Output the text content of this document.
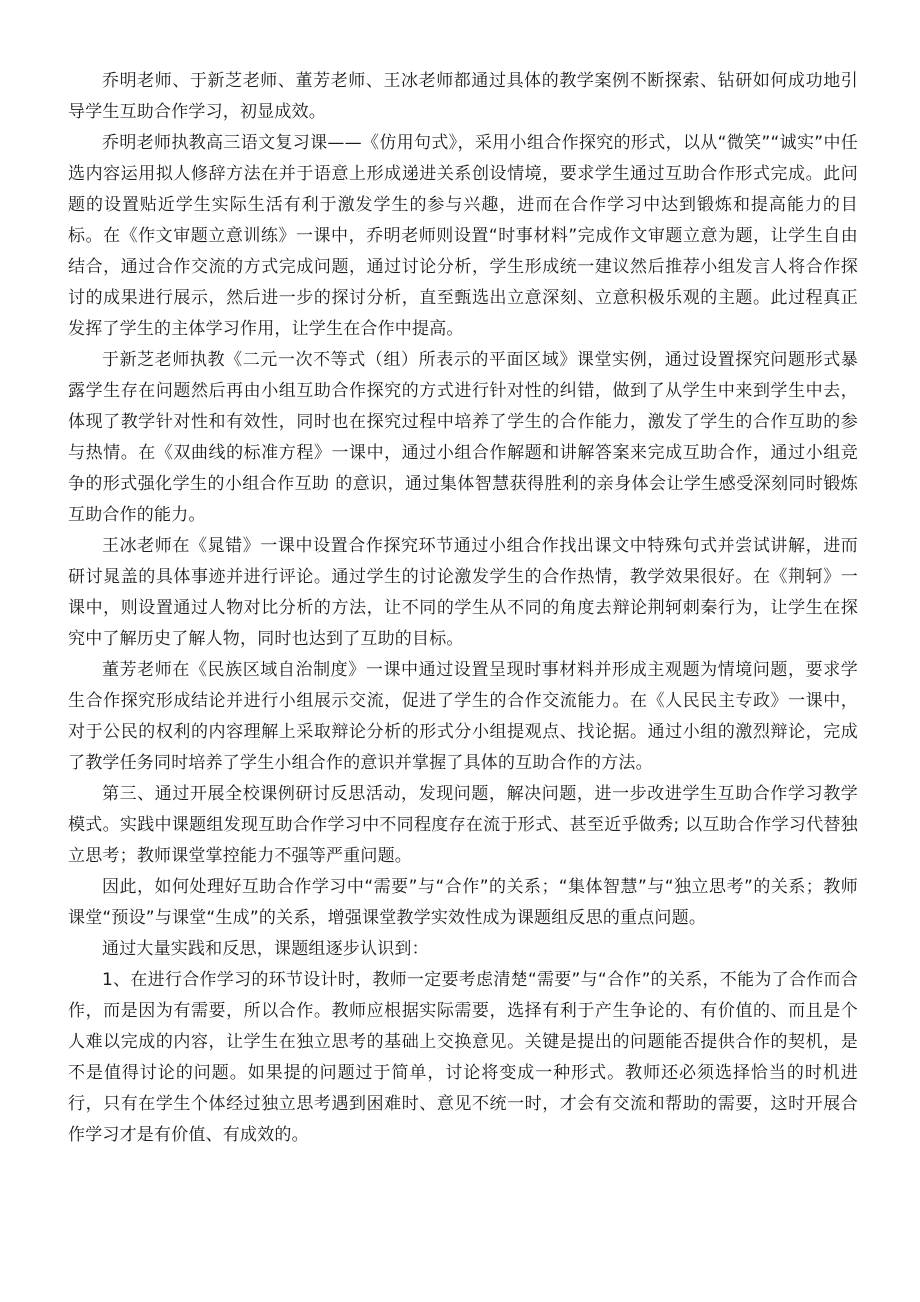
乔明老师、于新芝老师、董芳老师、王冰老师都通过具体的教学案例不断探索、钻研如何成功地引导学生互助合作学习，初显成效。

乔明老师执教高三语文复习课——《仿用句式》，采用小组合作探究的形式，以从“微笑”“诚实”中任选内容运用拟人修辞方法在并于语意上形成递进关系创设情境，要求学生通过互助合作形式完成。此问题的设置贴近学生实际生活有利于激发学生的参与兴趣，进而在合作学习中达到锻炼和提高能力的目标。在《作文审题立意训练》一课中，乔明老师则设置“时事材料”完成作文审题立意为题，让学生自由结合，通过合作交流的方式完成问题，通过讨论分析，学生形成统一建议然后推荐小组发言人将合作探讨的成果进行展示，然后进一步的探讨分析，直至甄选出立意深刻、立意积极乐观的主题。此过程真正发挥了学生的主体学习作用，让学生在合作中提高。

于新芝老师执教《二元一次不等式（组）所表示的平面区域》课堂实例，通过设置探究问题形式暴露学生存在问题然后再由小组互助合作探究的方式进行针对性的纠错，做到了从学生中来到学生中去，体现了教学针对性和有效性，同时也在探究过程中培养了学生的合作能力，激发了学生的合作互助的参与热情。在《双曲线的标准方程》一课中，通过小组合作解题和讲解答案来完成互助合作，通过小组竞争的形式强化学生的小组合作互助 的意识，通过集体智慧获得胜利的亲身体会让学生感受深刻同时锻炼互助合作的能力。

王冰老师在《晁错》一课中设置合作探究环节通过小组合作找出课文中特殊句式并尝试讲解，进而研讨晁盖的具体事迹并进行评论。通过学生的讨论激发学生的合作热情，教学效果很好。在《荆轲》一课中，则设置通过人物对比分析的方法，让不同的学生从不同的角度去辩论荆轲刺秦行为，让学生在探究中了解历史了解人物，同时也达到了互助的目标。

董芳老师在《民族区域自治制度》一课中通过设置呈现时事材料并形成主观题为情境问题，要求学生合作探究形成结论并进行小组展示交流，促进了学生的合作交流能力。在《人民民主专政》一课中，对于公民的权利的内容理解上采取辩论分析的形式分小组提观点、找论据。通过小组的激烈辩论，完成了教学任务同时培养了学生小组合作的意识并掌握了具体的互助合作的方法。

第三、通过开展全校课例研讨反思活动，发现问题，解决问题，进一步改进学生互助合作学习教学模式。实践中课题组发现互助合作学习中不同程度存在流于形式、甚至近乎做秀; 以互助合作学习代替独立思考；教师课堂掌控能力不强等严重问题。

因此，如何处理好互助合作学习中“需要”与“合作”的关系；“集体智慧”与“独立思考”的关系；教师课堂“预设”与课堂“生成”的关系，增强课堂教学实效性成为课题组反思的重点问题。

通过大量实践和反思，课题组逐步认识到：

1、在进行合作学习的环节设计时，教师一定要考虑清楚“需要”与“合作”的关系，不能为了合作而合作，而是因为有需要，所以合作。教师应根据实际需要，选择有利于产生争论的、有价值的、而且是个人难以完成的内容，让学生在独立思考的基础上交换意见。关键是提出的问题能否提供合作的契机，是不是值得讨论的问题。如果提的问题过于简单，讨论将变成一种形式。教师还必须选择恰当的时机进行，只有在学生个体经过独立思考遇到困难时、意见不统一时，才会有交流和帮助的需要，这时开展合作学习才是有价值、有成效的。
